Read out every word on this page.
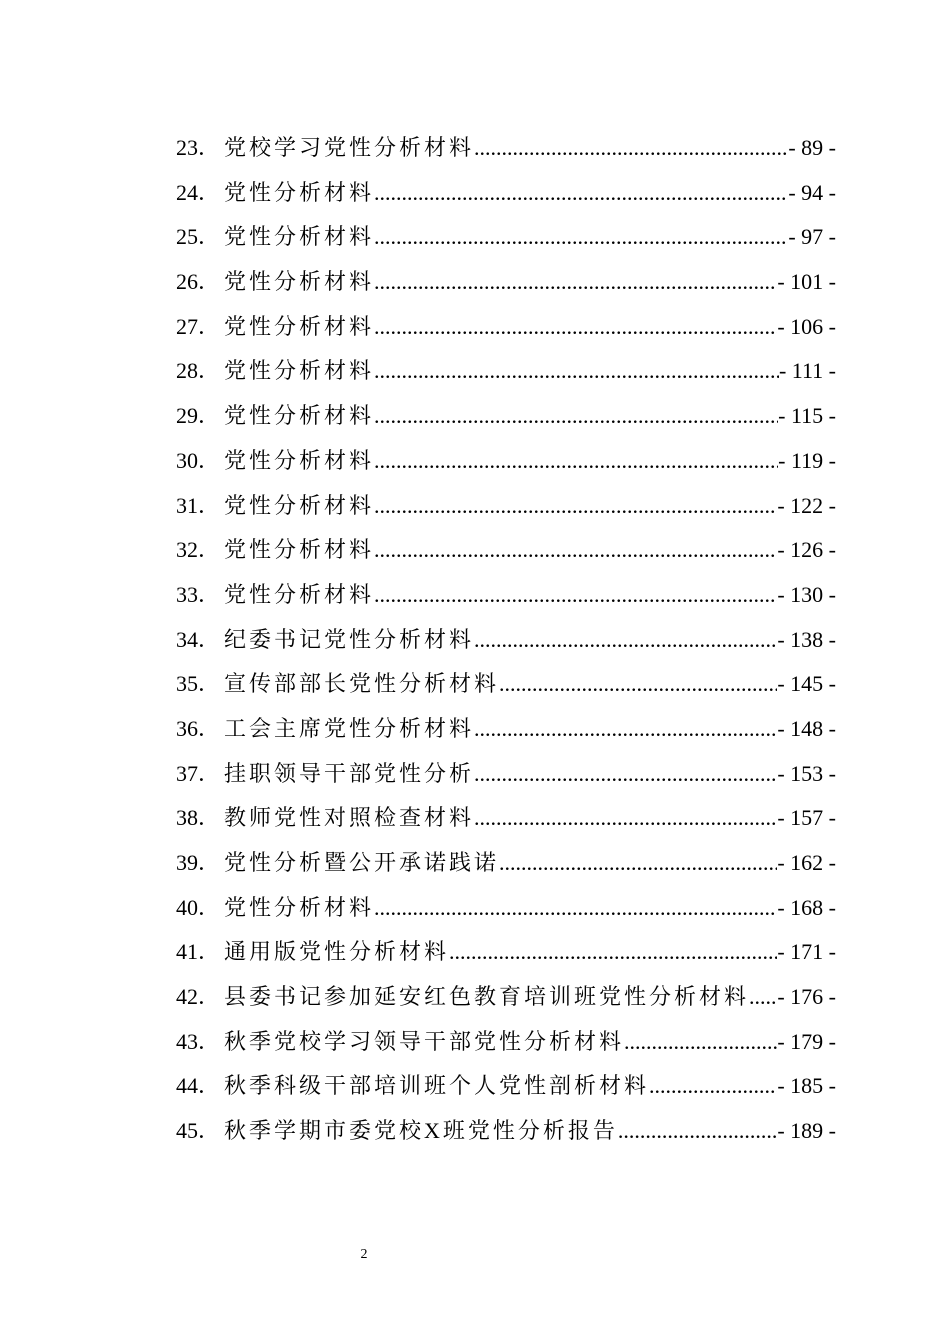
23． 党校学习党性分析材料 .....	- 89 -
24． 党性分析材料 .....	- 94 -
25． 党性分析材料 .....	- 97 -
26． 党性分析材料 .....	- 101 -
27． 党性分析材料 .....	- 106 -
28． 党性分析材料 .....	- 111 -
29． 党性分析材料 .....	- 115 -
30． 党性分析材料 .....	- 119 -
31． 党性分析材料 .....	- 122 -
32． 党性分析材料 .....	- 126 -
33． 党性分析材料 .....	- 130 -
34． 纪委书记党性分析材料 .....	- 138 -
35． 宣传部部长党性分析材料 .....	- 145 -
36． 工会主席党性分析材料 .....	- 148 -
37． 挂职领导干部党性分析 .....	- 153 -
38． 教师党性对照检查材料 .....	- 157 -
39． 党性分析暨公开承诺践诺 .....	- 162 -
40． 党性分析材料 .....	- 168 -
41． 通用版党性分析材料 .....	- 171 -
42． 县委书记参加延安红色教育培训班党性分析材料 ..... - 176 -
43． 秋季党校学习领导干部党性分析材料 .....	- 179 -
44． 秋季科级干部培训班个人党性剖析材料 .....	- 185 -
45． 秋季学期市委党校X班党性分析报告 .....	- 189 -
2
